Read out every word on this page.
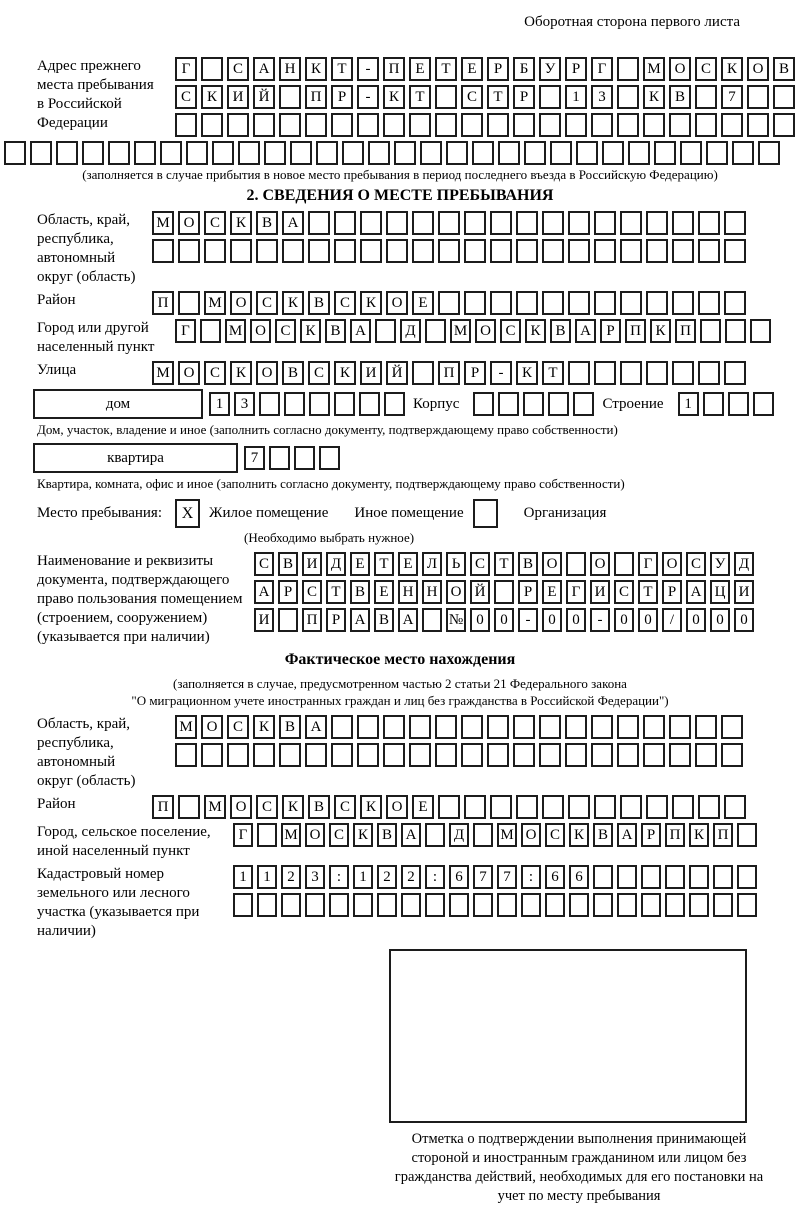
Оборотная сторона первого листа
Адрес прежнего места пребывания в Российской Федерации
Г	С	А	Н	К	Т	-	П	Е	Т	Е	Р	Б	У	Р	Г	М О	С	К	О	В
С	К	И	Й	П	Р	-	К	Т	С	Т	Р	1	3	К	В	7
(заполняется в случае прибытия в новое место пребывания в период последнего въезда в Российскую Федерацию)
2. СВЕДЕНИЯ О МЕСТЕ ПРЕБЫВАНИЯ
Область, край, республика, автономный округ (область)
М О	С	К	В	А
Район	П	М О	С	К	В	С	К	О	Е
Город или другой населенный пункт
Г	М О С К В А	Д	М О С К В А	Р	П К П
Улица	М О	С	К	О	В	С	К	И	Й	П	Р	-	К	Т
дом	1	3	Корпус	Строение	1
Дом, участок, владение и иное (заполнить согласно документу, подтверждающему право собственности)
квартира	7
Квартира, комната, офис и иное (заполнить согласно документу, подтверждающему право собственности)
Место пребывания:	X	Жилое помещение Иное помещение	Организация
(Необходимо выбрать нужное)
Наименование и реквизиты документа, подтверждающего право пользования помещением (строением, сооружением) (указывается при наличии)
С В И Д Е Т Е Л Ь С Т В О	О	Г О С У Д
А Р С Т В Е Н Н О Й	Р	Е	Г И С Т	Р А Ц И
И	П Р А В А	№ 0	0	-	0	0	-	0	0	/	0	0	0
Фактическое место нахождения
(заполняется в случае, предусмотренном частью 2 статьи 21 Федерального закона
"О миграционном учете иностранных граждан и лиц без гражданства в Российской Федерации")
Область, край, республика, автономный округ (область)
М О	С	К	В	А
Район	П	М О	С	К	В	С	К	О	Е
Город, сельское поселение, иной населенный пункт
Г	М О С К В А	Д	М О С К В А Р П К П
Кадастровый номер земельного или лесного участка (указывается при наличии)
1	1	2	3	:	1	2	2	:	6	7	7	:	6	6
Отметка о подтверждении выполнения принимающей стороной и иностранным гражданином или лицом без гражданства действий, необходимых для его постановки на учет по месту пребывания
